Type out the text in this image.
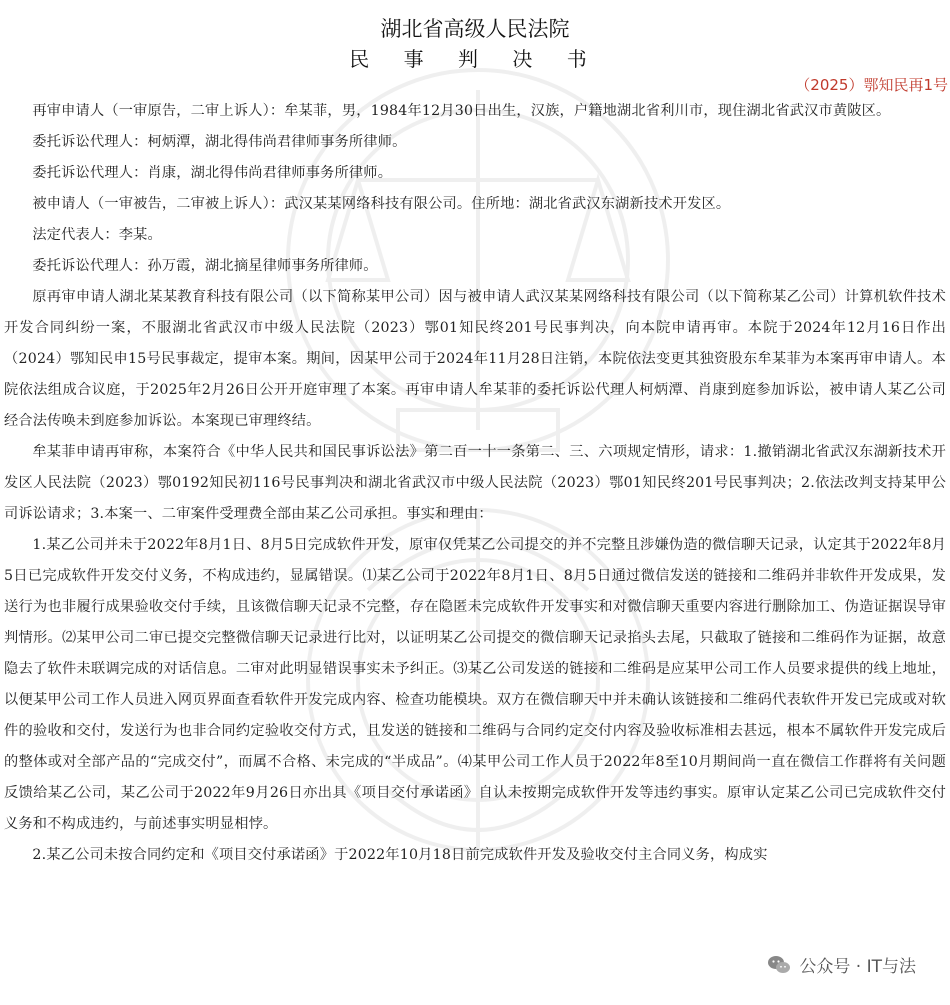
湖北省高级人民法院

民 事 判 决 书

（2025）鄂知民再1号

再审申请人（一审原告，二审上诉人）：牟某菲，男，1984年12月30日出生，汉族，户籍地湖北省利川市，现住湖北省武汉市黄陂区。

委托诉讼代理人：柯炳潭，湖北得伟尚君律师事务所律师。

委托诉讼代理人：肖康，湖北得伟尚君律师事务所律师。

被申请人（一审被告，二审被上诉人）：武汉某某网络科技有限公司。住所地：湖北省武汉东湖新技术开发区。

法定代表人：李某。

委托诉讼代理人：孙万霞，湖北摘星律师事务所律师。

原再审申请人湖北某某教育科技有限公司（以下简称某甲公司）因与被申请人武汉某某网络科技有限公司（以下简称某乙公司）计算机软件技术开发合同纠纷一案，不服湖北省武汉市中级人民法院（2023）鄂01知民终201号民事判决，向本院申请再审。本院于2024年12月16日作出（2024）鄂知民申15号民事裁定，提审本案。期间，因某甲公司于2024年11月28日注销，本院依法变更其独资股东牟某菲为本案再审申请人。本院依法组成合议庭，于2025年2月26日公开开庭审理了本案。再审申请人牟某菲的委托诉讼代理人柯炳潭、肖康到庭参加诉讼，被申请人某乙公司经合法传唤未到庭参加诉讼。本案现已审理终结。

牟某菲申请再审称，本案符合《中华人民共和国民事诉讼法》第二百一十一条第二、三、六项规定情形，请求：1.撤销湖北省武汉东湖新技术开发区人民法院（2023）鄂0192知民初116号民事判决和湖北省武汉市中级人民法院（2023）鄂01知民终201号民事判决；2.依法改判支持某甲公司诉讼请求；3.本案一、二审案件受理费全部由某乙公司承担。事实和理由：

1.某乙公司并未于2022年8月1日、8月5日完成软件开发，原审仅凭某乙公司提交的并不完整且涉嫌伪造的微信聊天记录，认定其于2022年8月5日已完成软件开发交付义务，不构成违约，显属错误。⑴某乙公司于2022年8月1日、8月5日通过微信发送的链接和二维码并非软件开发成果，发送行为也非履行成果验收交付手续，且该微信聊天记录不完整，存在隐匿未完成软件开发事实和对微信聊天重要内容进行删除加工、伪造证据误导审判情形。⑵某甲公司二审已提交完整微信聊天记录进行比对，以证明某乙公司提交的微信聊天记录掐头去尾，只截取了链接和二维码作为证据，故意隐去了软件未联调完成的对话信息。二审对此明显错误事实未予纠正。⑶某乙公司发送的链接和二维码是应某甲公司工作人员要求提供的线上地址，以便某甲公司工作人员进入网页界面查看软件开发完成内容、检查功能模块。双方在微信聊天中并未确认该链接和二维码代表软件开发已完成或对软件的验收和交付，发送行为也非合同约定验收交付方式，且发送的链接和二维码与合同约定交付内容及验收标准相去甚远，根本不属软件开发完成后的整体或对全部产品的“完成交付”，而属不合格、未完成的“半成品”。⑷某甲公司工作人员于2022年8至10月期间尚一直在微信工作群将有关问题反馈给某乙公司，某乙公司于2022年9月26日亦出具《项目交付承诺函》自认未按期完成软件开发等违约事实。原审认定某乙公司已完成软件交付义务和不构成违约，与前述事实明显相悖。

2.某乙公司未按合同约定和《项目交付承诺函》于2022年10月18日前完成软件开发及验收交付主合同义务，构成实

公众号 · IT与法
